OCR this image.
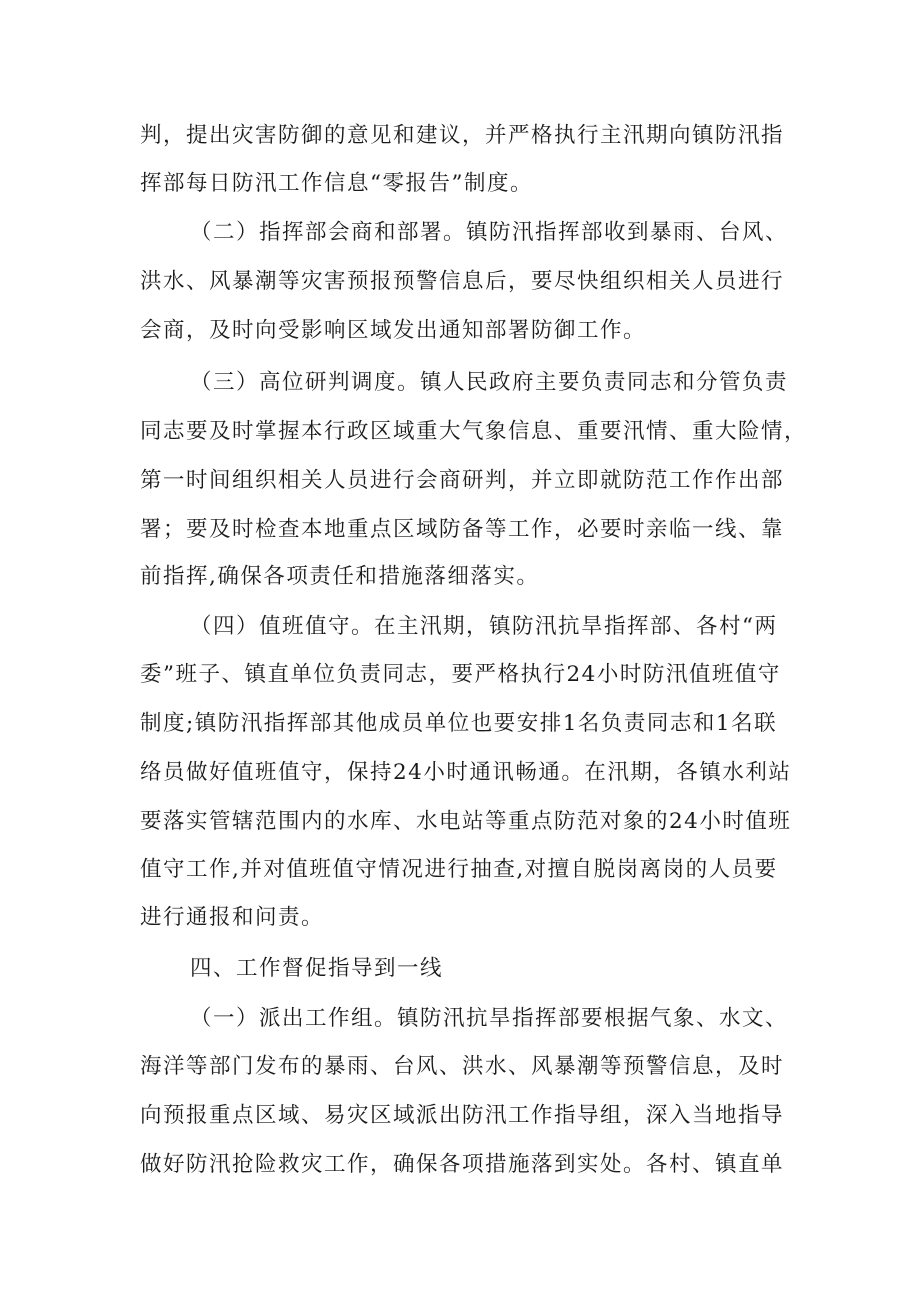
判，提出灾害防御的意见和建议，并严格执行主汛期向镇防汛指
挥部每日防汛工作信息“零报告”制度。
（二）指挥部会商和部署。镇防汛指挥部收到暴雨、台风、
洪水、风暴潮等灾害预报预警信息后，要尽快组织相关人员进行
会商，及时向受影响区域发出通知部署防御工作。
（三）高位研判调度。镇人民政府主要负责同志和分管负责
同志要及时掌握本行政区域重大气象信息、重要汛情、重大险情，
第一时间组织相关人员进行会商研判，并立即就防范工作作出部
署；要及时检查本地重点区域防备等工作，必要时亲临一线、靠
前指挥,确保各项责任和措施落细落实。
（四）值班值守。在主汛期，镇防汛抗旱指挥部、各村“两
委”班子、镇直单位负责同志，要严格执行24小时防汛值班值守
制度;镇防汛指挥部其他成员单位也要安排1名负责同志和1名联
络员做好值班值守，保持24小时通讯畅通。在汛期，各镇水利站
要落实管辖范围内的水库、水电站等重点防范对象的24小时值班
值守工作,并对值班值守情况进行抽查,对擅自脱岗离岗的人员要
进行通报和问责。
四、工作督促指导到一线
（一）派出工作组。镇防汛抗旱指挥部要根据气象、水文、
海洋等部门发布的暴雨、台风、洪水、风暴潮等预警信息，及时
向预报重点区域、易灾区域派出防汛工作指导组，深入当地指导
做好防汛抢险救灾工作，确保各项措施落到实处。各村、镇直单
